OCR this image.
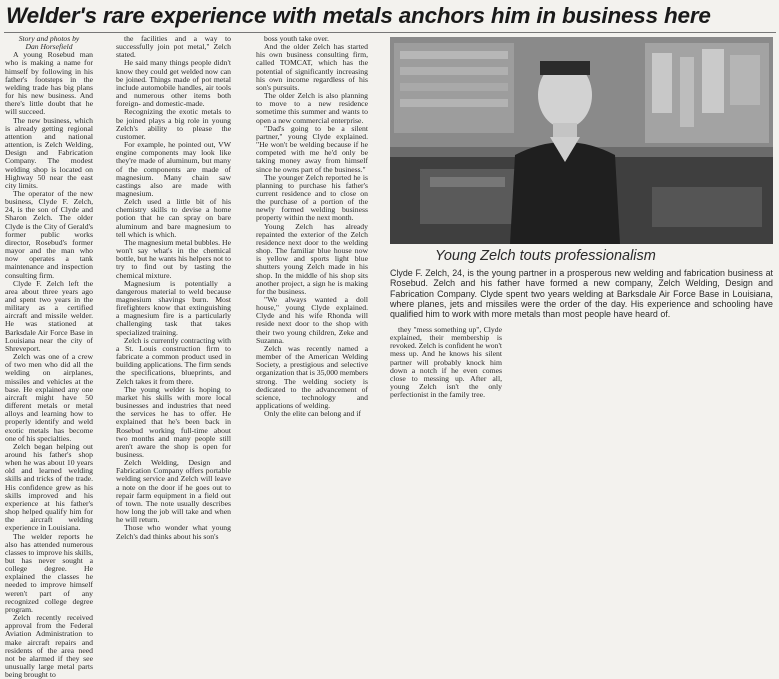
Welder's rare experience with metals anchors him in business here

Story and photos by
Dan Horsefield

A young Rosebud man who is making a name for himself by following in his father's footsteps in the welding trade has big plans for his new business. And there's little doubt that he will succeed.

The new business, which is already getting regional attention and national attention, is Zelch Welding, Design and Fabrication Company. The modest welding shop is located on Highway 50 near the east city limits.

The operator of the new business, Clyde F. Zelch, 24, is the son of Clyde and Sharon Zelch. The older Clyde is the City of Gerald's former public works director, Rosebud's former mayor and the man who now operates a tank maintenance and inspection consulting firm.

Clyde F. Zelch left the area about three years ago and spent two years in the military as a certified aircraft and missile welder. He was stationed at Barksdale Air Force Base in Louisiana near the city of Shreveport.

Zelch was one of a crew of two men who did all the welding on airplanes, missiles and vehicles at the base. He explained any one aircraft might have 50 different metals or metal alloys and learning how to properly identify and weld exotic metals has become one of his specialties.

Zelch began helping out around his father's shop when he was about 10 years old and learned welding skills and tricks of the trade. His confidence grew as his skills improved and his experience at his father's shop helped qualify him for the aircraft welding experience in Louisiana.

The welder reports he also has attended numerous classes to improve his skills, but has never sought a college degree. He explained the classes he needed to improve himself weren't part of any recognized college degree program.

Zelch recently received approval from the Federal Aviation Administration to make aircraft repairs and residents of the area need not be alarmed if they see unusually large metal parts being brought to

the facilities and a way to successfully join pot metal," Zelch stated.

He said many things people didn't know they could get welded now can be joined. Things made of pot metal include automobile handles, air tools and numerous other items both foreign- and domestic-made.

Recognizing the exotic metals to be joined plays a big role in young Zelch's ability to please the customer.

For example, he pointed out, VW engine components may look like they're made of aluminum, but many of the components are made of magnesium. Many chain saw castings also are made with magnesium.

Zelch used a little bit of his chemistry skills to devise a home potion that he can spray on bare aluminum and bare magnesium to tell which is which.

The magnesium metal bubbles. He won't say what's in the chemical bottle, but he wants his helpers not to try to find out by tasting the chemical mixture.

Magnesium is potentially a dangerous material to weld because magnesium shavings burn. Most firefighters know that extinguishing a magnesium fire is a particularly challenging task that takes specialized training.

Zelch is currently contracting with a St. Louis construction firm to fabricate a common product used in building applications. The firm sends the specifications, blueprints, and Zelch takes it from there.

The young welder is hoping to market his skills with more local businesses and industries that need the services he has to offer. He explained that he's been back in Rosebud working full-time about two months and many people still aren't aware the shop is open for business.

Zelch Welding, Design and Fabrication Company offers portable welding service and Zelch will leave a note on the door if he goes out to repair farm equipment in a field out of town. The note usually describes how long the job will take and when he will return.

Those who wonder what young Zelch's dad thinks about his son's

boss youth take over.

And the older Zelch has started his own business consulting firm, called TOMCAT, which has the potential of significantly increasing his own income regardless of his son's pursuits.

The older Zelch is also planning to move to a new residence sometime this summer and wants to open a new commercial enterprise.

"Dad's going to be a silent partner," young Clyde explained. "He won't be welding because if he competed with me he'd only be taking money away from himself since he owns part of the business."

The younger Zelch reported he is planning to purchase his father's current residence and to close on the purchase of a portion of the newly formed welding business property within the next month.

Young Zelch has already repainted the exterior of the Zelch residence next door to the welding shop. The familiar blue house now is yellow and sports light blue shutters young Zelch made in his shop. In the middle of his shop sits another project, a sign he is making for the business.

"We always wanted a doll house," young Clyde explained. Clyde and his wife Rhonda will reside next door to the shop with their two young children, Zeke and Suzanna.

Zelch was recently named a member of the American Welding Society, a prestigious and selective organization that is 35,000 members strong. The welding society is dedicated to the advancement of science, technology and applications of welding.

Only the elite can belong and if

Young Zelch touts professionalism
Clyde F. Zelch, 24, is the young partner in a prosperous new welding and fabrication business at Rosebud. Zelch and his father have formed a new company, Zelch Welding, Design and Fabrication Company. Clyde spent two years welding at Barksdale Air Force Base in Louisiana, where planes, jets and missiles were the order of the day. His experience and schooling have qualified him to work with more metals than most people have heard of.

they "mess something up", Clyde explained, their membership is revoked. Zelch is confident he won't mess up. And he knows his silent partner will probably knock him down a notch if he even comes close to messing up. After all, young Zelch isn't the only perfectionist in the family tree.
